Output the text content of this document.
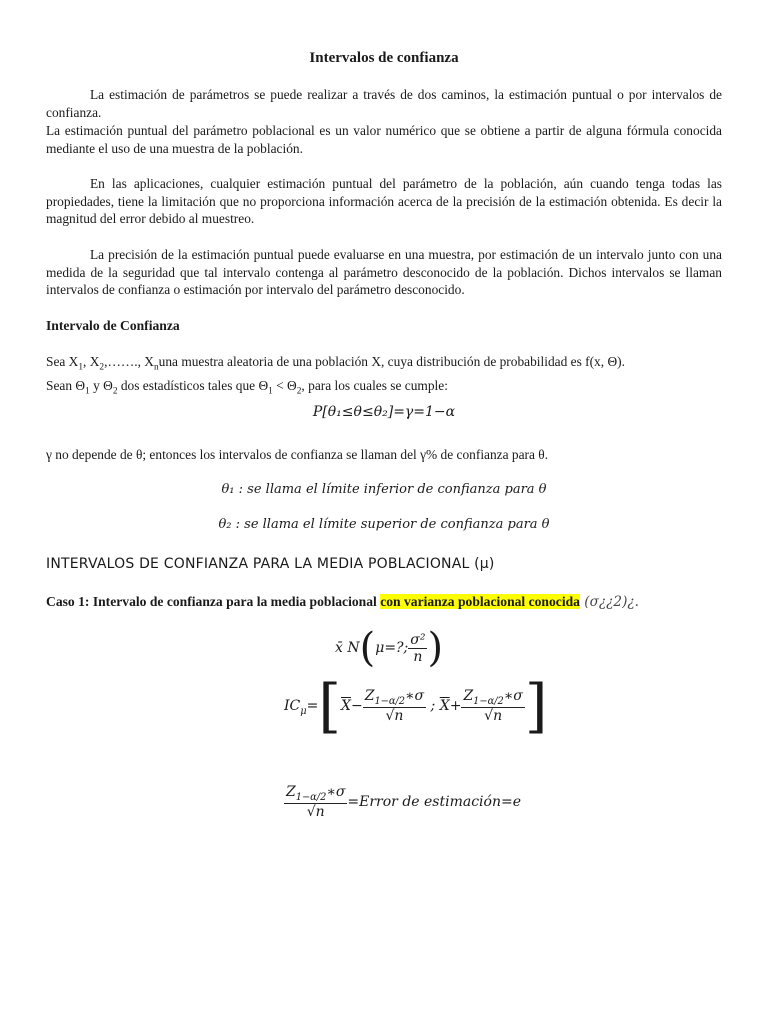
Intervalos de confianza

La estimación de parámetros se puede realizar a través de dos caminos, la estimación puntual o por intervalos de confianza.

La estimación puntual del parámetro poblacional es un valor numérico que se obtiene a partir de alguna fórmula conocida mediante el uso de una muestra de la población.

En las aplicaciones, cualquier estimación puntual del parámetro de la población, aún cuando tenga todas las propiedades, tiene la limitación que no proporciona información acerca de la precisión de la estimación obtenida. Es decir la magnitud del error debido al muestreo.

La precisión de la estimación puntual puede evaluarse en una muestra, por estimación de un intervalo junto con una medida de la seguridad que tal intervalo contenga al parámetro desconocido de la población. Dichos intervalos se llaman intervalos de confianza o estimación por intervalo del parámetro desconocido.

Intervalo de Confianza

Sea $X_1$, $X_2,\dots\dots$., $X_nuna$ muestra aleatoria de una población X, cuya distribución de probabilidad es f(x, Θ).
Sean $\Theta_1$ y $\Theta_2$ dos estadísticos tales que $\Theta_1 < \Theta_2$, para los cuales se cumple:

P[θ₁≤θ≤θ₂]=γ=1−α

γ no depende de θ; entonces los intervalos de confianza se llaman del γ% de confianza para θ.

θ₁ : se llama el límite inferior de confianza para θ
θ₂ : se llama el límite superior de confianza para θ
INTERVALOS DE CONFIANZA PARA LA MEDIA POBLACIONAL (μ)
Caso 1: Intervalo de confianza para la media poblacional con varianza poblacional conocida (σ¿¿2)¿.
x̄ N(μ=?; $\frac{\text{σ²}}{n}$ )
$IC_\mu=[\overline{X}- \frac{Z_{1-\alpha/2}∗\sigma}{√n}$ ; $\overline{X}+ \frac{Z_{1-\alpha/2}∗\sigma}{√n}$ ]
$\frac{Z_{1-\alpha/2}∗\sigma}{√n}$ =Error de estimación=e
